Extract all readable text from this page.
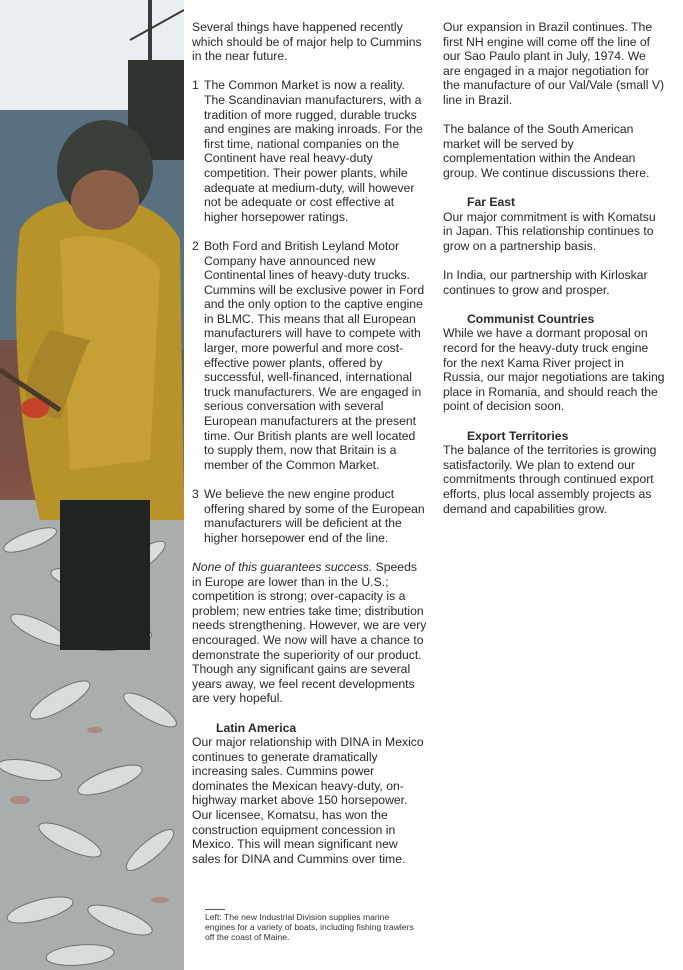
Several things have happened recently which should be of major help to Cummins in the near future.

1 The Common Market is now a reality. The Scandinavian manufacturers, with a tradition of more rugged, durable trucks and engines are making inroads. For the first time, national companies on the Continent have real heavy-duty competition. Their power plants, while adequate at medium-duty, will however not be adequate or cost effective at higher horsepower ratings.
2 Both Ford and British Leyland Motor Company have announced new Continental lines of heavy-duty trucks. Cummins will be exclusive power in Ford and the only option to the captive engine in BLMC. This means that all European manufacturers will have to compete with larger, more powerful and more cost-effective power plants, offered by successful, well-financed, international truck manufacturers. We are engaged in serious conversation with several European manufacturers at the present time. Our British plants are well located to supply them, now that Britain is a member of the Common Market.
3 We believe the new engine product offering shared by some of the European manufacturers will be deficient at the higher horsepower end of the line.

None of this guarantees success. Speeds in Europe are lower than in the U.S.; competition is strong; over-capacity is a problem; new entries take time; distribution needs strengthening. However, we are very encouraged. We now will have a chance to demonstrate the superiority of our product. Though any significant gains are several years away, we feel recent developments are very hopeful.

Latin America

Our major relationship with DINA in Mexico continues to generate dramatically increasing sales. Cummins power dominates the Mexican heavy-duty, on-highway market above 150 horsepower. Our licensee, Komatsu, has won the construction equipment concession in Mexico. This will mean significant new sales for DINA and Cummins over time.

Our expansion in Brazil continues. The first NH engine will come off the line of our Sao Paulo plant in July, 1974. We are engaged in a major negotiation for the manufacture of our Val/Vale (small V) line in Brazil.

The balance of the South American market will be served by complementation within the Andean group. We continue discussions there.

Far East

Our major commitment is with Komatsu in Japan. This relationship continues to grow on a partnership basis.

In India, our partnership with Kirloskar continues to grow and prosper.

Communist Countries

While we have a dormant proposal on record for the heavy-duty truck engine for the next Kama River project in Russia, our major negotiations are taking place in Romania, and should reach the point of decision soon.

Export Territories

The balance of the territories is growing satisfactorily. We plan to extend our commitments through continued export efforts, plus local assembly projects as demand and capabilities grow.

Left: The new Industrial Division supplies marine engines for a variety of boats, including fishing trawlers off the coast of Maine.
